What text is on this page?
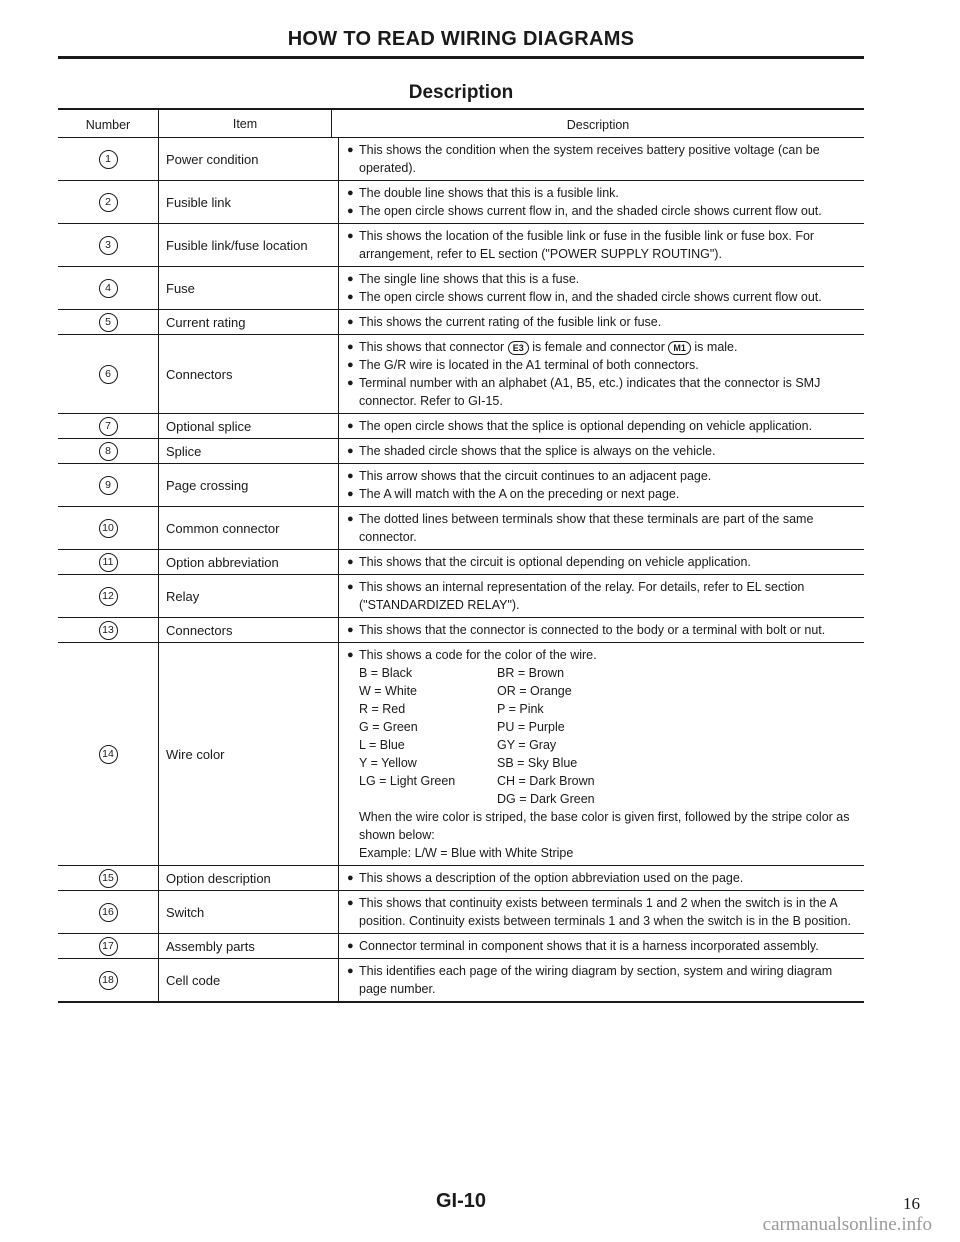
HOW TO READ WIRING DIAGRAMS
Description
Number	Item	Description
1	Power condition
● This shows the condition when the system receives battery positive voltage (can be operated).
2	Fusible link
● The double line shows that this is a fusible link.
● The open circle shows current flow in, and the shaded circle shows current flow out.
3	Fusible link/fuse location
● This shows the location of the fusible link or fuse in the fusible link or fuse box. For arrangement, refer to EL section ("POWER SUPPLY ROUTING").
4	Fuse
● The single line shows that this is a fuse.
● The open circle shows current flow in, and the shaded circle shows current flow out.
5	Current rating	● This shows the current rating of the fusible link or fuse.
6	Connectors
● This shows that connector E3 is female and connector M1 is male.
● The G/R wire is located in the A1 terminal of both connectors.
● Terminal number with an alphabet (A1, B5, etc.) indicates that the connector is SMJ connector. Refer to GI-15.
7	Optional splice	● The open circle shows that the splice is optional depending on vehicle application.
8	Splice	● The shaded circle shows that the splice is always on the vehicle.
9	Page crossing
● This arrow shows that the circuit continues to an adjacent page.
● The A will match with the A on the preceding or next page.
10	Common connector
● The dotted lines between terminals show that these terminals are part of the same connector.
11	Option abbreviation	● This shows that the circuit is optional depending on vehicle application.
12	Relay
● This shows an internal representation of the relay. For details, refer to EL section ("STANDARDIZED RELAY").
13	Connectors	● This shows that the connector is connected to the body or a terminal with bolt or nut.
14	Wire color
● This shows a code for the color of the wire.
B = Black	BR = Brown
W = White	OR = Orange
R = Red	P = Pink
G = Green	PU = Purple
L = Blue	GY = Gray
Y = Yellow	SB = Sky Blue
LG = Light Green	CH = Dark Brown
DG = Dark Green
When the wire color is striped, the base color is given first, followed by the stripe color as shown below:
Example: L/W = Blue with White Stripe
15	Option description	● This shows a description of the option abbreviation used on the page.
16	Switch
● This shows that continuity exists between terminals 1 and 2 when the switch is in the A position. Continuity exists between terminals 1 and 3 when the switch is in the B position.
17	Assembly parts	● Connector terminal in component shows that it is a harness incorporated assembly.
18	Cell code
● This identifies each page of the wiring diagram by section, system and wiring diagram page number.
GI-10	16
carmanualsonline.info
